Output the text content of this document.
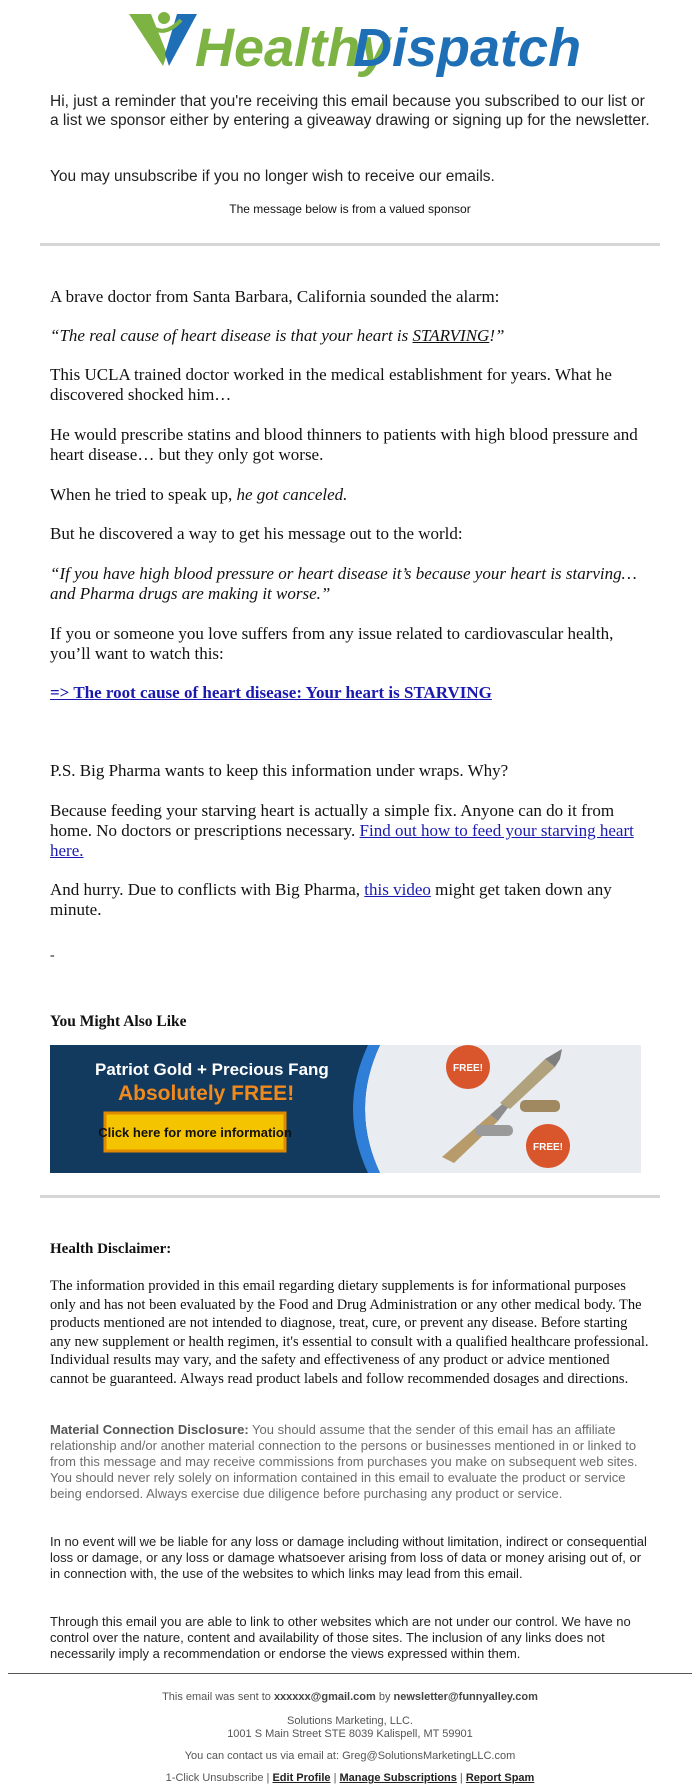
Healthy
Dispatch
Hi, just a reminder that you're receiving this email because you subscribed to our list or a list we sponsor either by entering a giveaway drawing or signing up for the newsletter.
You may unsubscribe if you no longer wish to receive our emails.
The message below is from a valued sponsor
A brave doctor from Santa Barbara, California sounded the alarm:
“The real cause of heart disease is that your heart is STARVING!”
This UCLA trained doctor worked in the medical establishment for years. What he discovered shocked him…
He would prescribe statins and blood thinners to patients with high blood pressure and heart disease… but they only got worse.
When he tried to speak up, he got canceled.
But he discovered a way to get his message out to the world:
“If you have high blood pressure or heart disease it’s because your heart is starving… and Pharma drugs are making it worse.”
If you or someone you love suffers from any issue related to cardiovascular health, you’ll want to watch this:
=> The root cause of heart disease: Your heart is STARVING
P.S. Big Pharma wants to keep this information under wraps. Why?
Because feeding your starving heart is actually a simple fix. Anyone can do it from home. No doctors or prescriptions necessary. Find out how to feed your starving heart here.
And hurry. Due to conflicts with Big Pharma, this video might get taken down any minute.
-
You Might Also Like
Patriot Gold + Precious Fang
Absolutely FREE!
Click here for more information
FREE!
FREE!
Health Disclaimer:
The information provided in this email regarding dietary supplements is for informational purposes only and has not been evaluated by the Food and Drug Administration or any other medical body. The products mentioned are not intended to diagnose, treat, cure, or prevent any disease. Before starting any new supplement or health regimen, it's essential to consult with a qualified healthcare professional. Individual results may vary, and the safety and effectiveness of any product or advice mentioned cannot be guaranteed. Always read product labels and follow recommended dosages and directions.
Material Connection Disclosure: You should assume that the sender of this email has an affiliate relationship and/or another material connection to the persons or businesses mentioned in or linked to from this message and may receive commissions from purchases you make on subsequent web sites. You should never rely solely on information contained in this email to evaluate the product or service being endorsed. Always exercise due diligence before purchasing any product or service.
In no event will we be liable for any loss or damage including without limitation, indirect or consequential loss or damage, or any loss or damage whatsoever arising from loss of data or money arising out of, or in connection with, the use of the websites to which links may lead from this email.
Through this email you are able to link to other websites which are not under our control. We have no control over the nature, content and availability of those sites. The inclusion of any links does not necessarily imply a recommendation or endorse the views expressed within them.
This email was sent to xxxxxx@gmail.com by newsletter@funnyalley.com
Solutions Marketing, LLC.
1001 S Main Street STE 8039 Kalispell, MT 59901
You can contact us via email at: Greg@SolutionsMarketingLLC.com
1-Click Unsubscribe | Edit Profile | Manage Subscriptions | Report Spam
